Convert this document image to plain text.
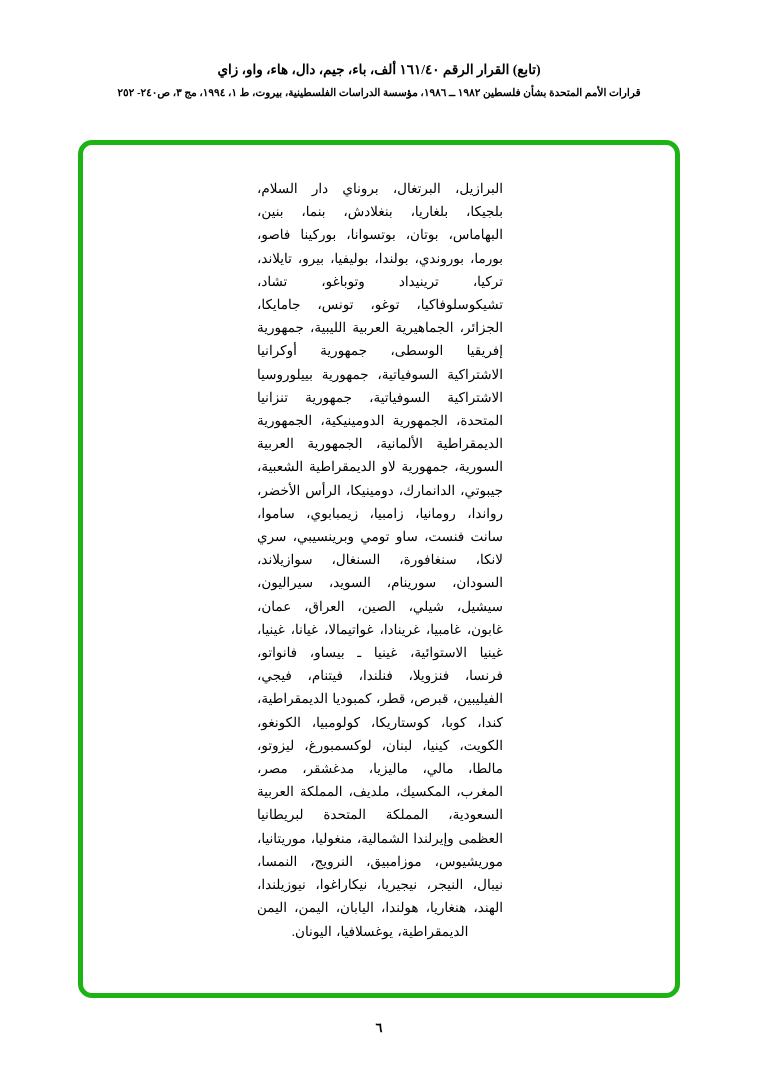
(تابع) القرار الرقم ١٦١/٤٠ ألف، باء، جيم، دال، هاء، واو، زاي
قرارات الأمم المتحدة بشأن فلسطين ١٩٨٢ ــ ١٩٨٦، مؤسسة الدراسات الفلسطينية، بيروت، ط ١، ١٩٩٤، مج ٣، ص٢٤٠- ٢٥٢
البرازيل، البرتغال، بروناي دار السلام، بلجيكا، بلغاريا، بنغلادش، بنما، بنين، البهاماس، بوتان، بوتسوانا، بوركينا فاصو، بورما، بوروندي، بولندا، بوليفيا، بيرو، تايلاند، تركيا، ترينيداد وتوباغو، تشاد، تشيكوسلوفاكيا، توغو، تونس، جامايكا، الجزائر، الجماهيرية العربية الليبية، جمهورية إفريقيا الوسطى، جمهورية أوكرانيا الاشتراكية السوفياتية، جمهورية بييلوروسيا الاشتراكية السوفياتية، جمهورية تنزانيا المتحدة، الجمهورية الدومينيكية، الجمهورية الديمقراطية الألمانية، الجمهورية العربية السورية، جمهورية لاو الديمقراطية الشعبية، جيبوتي، الدانمارك، دومينيكا، الرأس الأخضر، رواندا، رومانيا، زامبيا، زيمبابوي، ساموا، سانت فنست، ساو تومي وبرينسيبي، سري لانكا، سنغافورة، السنغال، سوازيلاند، السودان، سورينام، السويد، سيراليون، سيشيل، شيلي، الصين، العراق، عمان، غابون، غامبيا، غرينادا، غواتيمالا، غيانا، غينيا، غينيا الاستوائية، غينيا ـ بيساو، فانواتو، فرنسا، فنزويلا، فنلندا، فيتنام، فيجي، الفيليبين، قبرص، قطر، كمبوديا الديمقراطية، كندا، كوبا، كوستاريكا، كولومبيا، الكونغو، الكويت، كينيا، لبنان، لوكسمبورغ، ليزوتو، مالطا، مالي، ماليزيا، مدغشقر، مصر، المغرب، المكسيك، ملديف، المملكة العربية السعودية، المملكة المتحدة لبريطانيا العظمى وإيرلندا الشمالية، منغوليا، موريتانيا، موريشيوس، موزامبيق، النرويج، النمسا، نيبال، النيجر، نيجيريا، نيكاراغوا، نيوزيلندا، الهند، هنغاريا، هولندا، اليابان، اليمن، اليمن الديمقراطية، يوغسلافيا، اليونان.
٦
